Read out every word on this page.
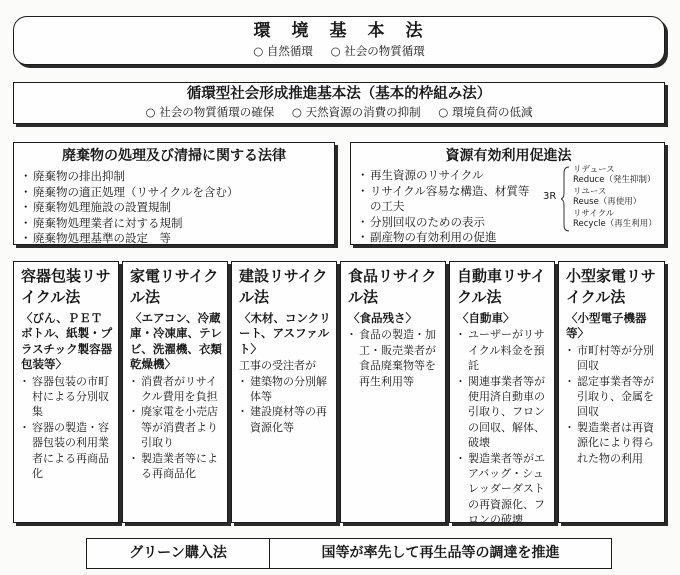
環　境　基　本　法
○ 自然循環	○ 社会の物質循環
循環型社会形成推進基本法（基本的枠組み法）
○ 社会の物質循環の確保	○ 天然資源の消費の抑制	○ 環境負荷の低減
廃棄物の処理及び清掃に関する法律
・ 廃棄物の排出抑制
・ 廃棄物の適正処理（リサイクルを含む）
・ 廃棄物処理施設の設置規制
・ 廃棄物処理業者に対する規制
・ 廃棄物処理基準の設定　等
資源有効利用促進法
・ 再生資源のリサイクル
・ リサイクル容易な構造、材質等の工夫
・ 分別回収のための表示
・ 副産物の有効利用の促進
3R
リデュース
Reduce（発生抑制）
リユース
Reuse（再使用）
リサイクル
Recycle（再生利用）
容器包装リサイクル法
〈びん、ＰＥＴボトル、紙製・プラスチック製容器包装等〉
・ 容器包装の市町村による分別収集
・ 容器の製造・容器包装の利用業者による再商品化
家電リサイクル法
〈エアコン、冷蔵庫・冷凍庫、テレビ、洗濯機、衣類乾燥機〉
・ 消費者がリサイクル費用を負担
・ 廃家電を小売店等が消費者より引取り
・ 製造業者等による再商品化
建設リサイクル法
〈木材、コンクリート、アスファルト〉
工事の受注者が
・ 建築物の分別解体等
・ 建設廃材等の再資源化等
食品リサイクル法
〈食品残さ〉
・ 食品の製造・加工・販売業者が食品廃棄物等を再生利用等
自動車リサイクル法
〈自動車〉
・ ユーザーがリサイクル料金を預託
・ 関連事業者等が使用済自動車の引取り、フロンの回収、解体、破壊
・ 製造業者等がエアバッグ・シュレッダーダストの再資源化、フロンの破壊
小型家電リサイクル法
〈小型電子機器等〉
・ 市町村等が分別回収
・ 認定事業者等が引取り、金属を回収
・ 製造業者は再資源化により得られた物の利用
グリーン購入法	国等が率先して再生品等の調達を推進
